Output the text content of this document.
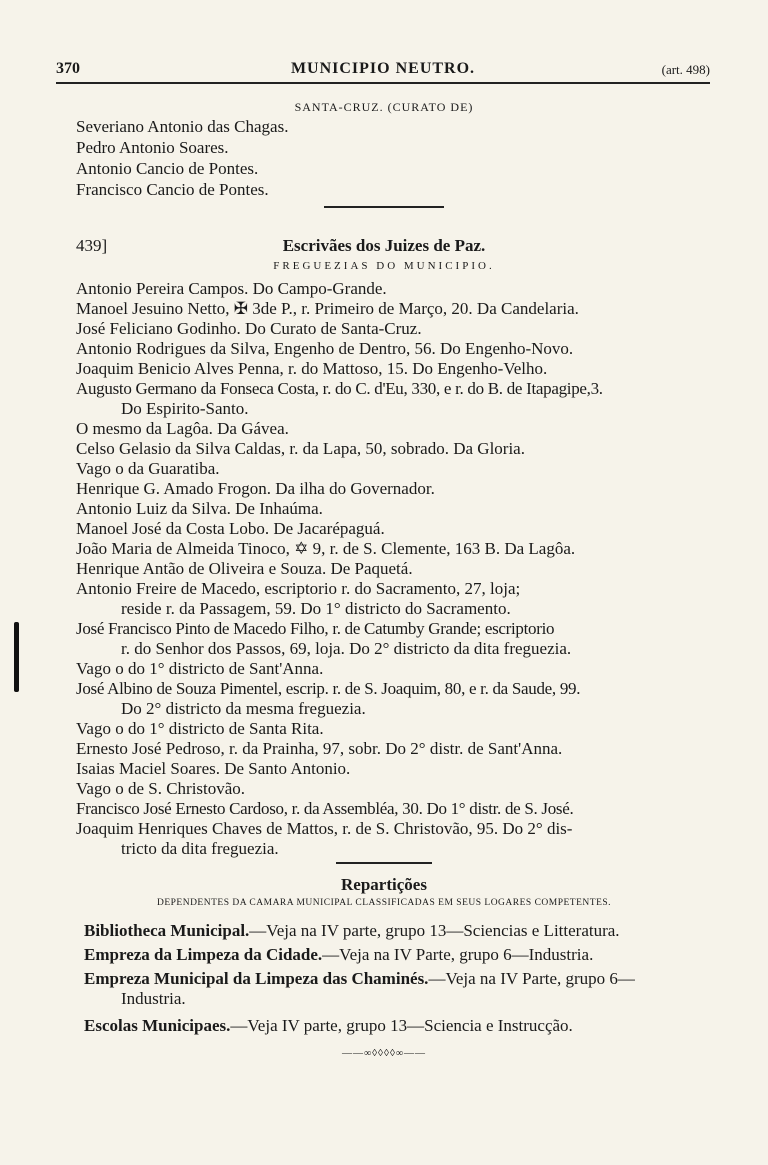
370	MUNICIPIO NEUTRO.	(art. 498)
SANTA-CRUZ. (CURATO DE)
Severiano Antonio das Chagas.
Pedro Antonio Soares.
Antonio Cancio de Pontes.
Francisco Cancio de Pontes.
439]	Escrivães dos Juizes de Paz.
FREGUEZIAS DO MUNICIPIO.
Antonio Pereira Campos. Do Campo-Grande.
Manoel Jesuino Netto, ✠ 3de P., r. Primeiro de Março, 20. Da Candelaria.
José Feliciano Godinho. Do Curato de Santa-Cruz.
Antonio Rodrigues da Silva, Engenho de Dentro, 56. Do Engenho-Novo.
Joaquim Benicio Alves Penna, r. do Mattoso, 15. Do Engenho-Velho.
Augusto Germano da Fonseca Costa, r. do C. d'Eu, 330, e r. do B. de Itapagipe,3.
Do Espirito-Santo.
O mesmo da Lagôa. Da Gávea.
Celso Gelasio da Silva Caldas, r. da Lapa, 50, sobrado. Da Gloria.
Vago o da Guaratiba.
Henrique G. Amado Frogon. Da ilha do Governador.
Antonio Luiz da Silva. De Inhaúma.
Manoel José da Costa Lobo. De Jacarépaguá.
João Maria de Almeida Tinoco, ✡ 9, r. de S. Clemente, 163 B. Da Lagôa.
Henrique Antão de Oliveira e Souza. De Paquetá.
Antonio Freire de Macedo, escriptorio r. do Sacramento, 27, loja;
reside r. da Passagem, 59. Do 1° districto do Sacramento.
José Francisco Pinto de Macedo Filho, r. de Catumby Grande; escriptorio
r. do Senhor dos Passos, 69, loja. Do 2° districto da dita freguezia.
Vago o do 1° districto de Sant'Anna.
José Albino de Souza Pimentel, escrip. r. de S. Joaquim, 80, e r. da Saude, 99.
Do 2° districto da mesma freguezia.
Vago o do 1° districto de Santa Rita.
Ernesto José Pedroso, r. da Prainha, 97, sobr. Do 2° distr. de Sant'Anna.
Isaias Maciel Soares. De Santo Antonio.
Vago o de S. Christovão.
Francisco José Ernesto Cardoso, r. da Assembléa, 30. Do 1° distr. de S. José.
Joaquim Henriques Chaves de Mattos, r. de S. Christovão, 95. Do 2° dis-
tricto da dita freguezia.
Repartições
DEPENDENTES DA CAMARA MUNICIPAL CLASSIFICADAS EM SEUS LOGARES COMPETENTES.
Bibliotheca Municipal.—Veja na IV parte, grupo 13—Sciencias e Litteratura.
Empreza da Limpeza da Cidade.—Veja na IV Parte, grupo 6—Industria.
Empreza Municipal da Limpeza das Chaminés.—Veja na IV Parte, grupo 6—
Industria.
Escolas Municipaes.—Veja IV parte, grupo 13—Sciencia e Instrucção.
——∞◊◊◊◊∞——
